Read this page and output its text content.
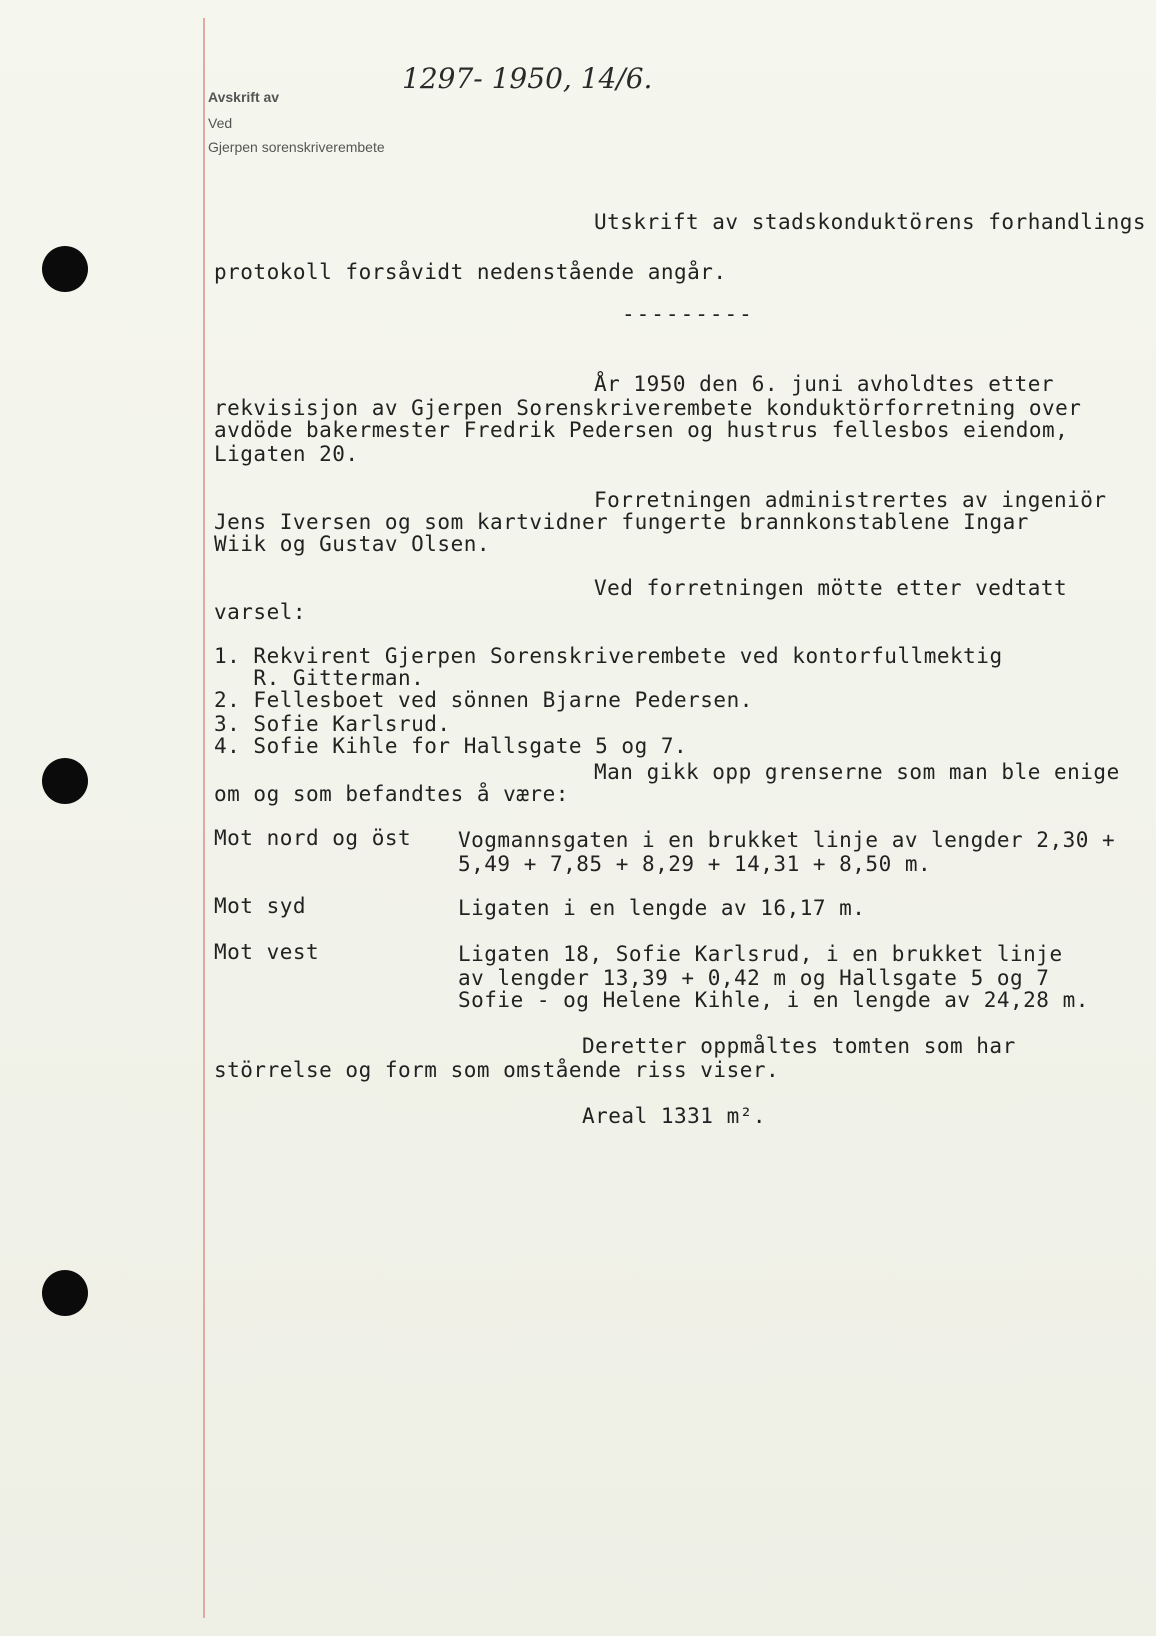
Avskrift av
Ved
Gjerpen sorenskriverembete
1297- 1950, 14/6.
Utskrift av stadskonduktörens forhandlings
protokoll forsåvidt nedenstående angår.
---------
År 1950 den 6. juni avholdtes etter
rekvisisjon av Gjerpen Sorenskriverembete konduktörforretning over
avdöde bakermester Fredrik Pedersen og hustrus fellesbos eiendom,
Ligaten 20.
Forretningen administrertes av ingeniör
Jens Iversen og som kartvidner fungerte brannkonstablene Ingar
Wiik og Gustav Olsen.
Ved forretningen mötte etter vedtatt
varsel:
1. Rekvirent Gjerpen Sorenskriverembete ved kontorfullmektig
R. Gitterman.
2. Fellesboet ved sönnen Bjarne Pedersen.
3. Sofie Karlsrud.
4. Sofie Kihle for Hallsgate 5 og 7.
Man gikk opp grenserne som man ble enige
om og som befandtes å være:
Mot nord og öst Vogmannsgaten i en brukket linje av lengder 2,30 +
5,49 + 7,85 + 8,29 + 14,31 + 8,50 m.
Mot syd	Ligaten i en lengde av 16,17 m.
Mot vest	Ligaten 18, Sofie Karlsrud, i en brukket linje
av lengder 13,39 + 0,42 m og Hallsgate 5 og 7
Sofie - og Helene Kihle, i en lengde av 24,28 m.
Deretter oppmåltes tomten som har
störrelse og form som omstående riss viser.
Areal 1331 m².
